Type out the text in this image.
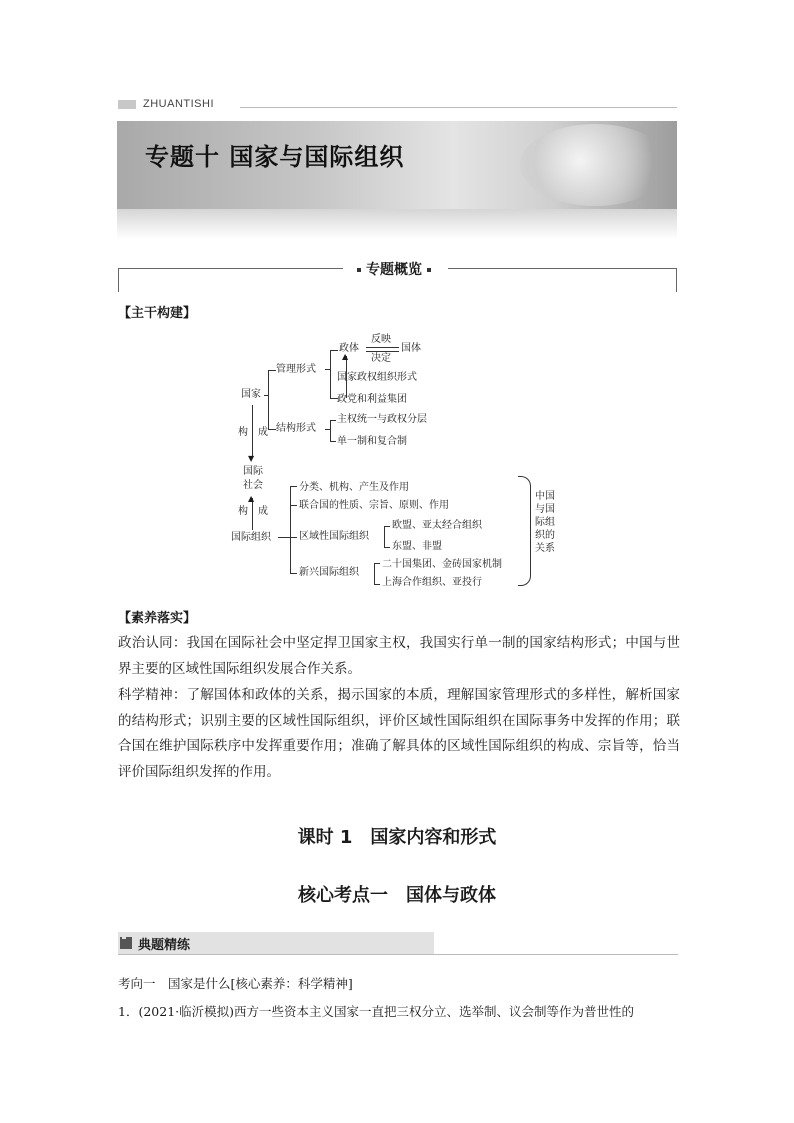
ZHUANTISHI
专题十 国家与国际组织
专题概览
【主干构建】
国家
管理形式
▲
政体
反映
决定
国体
国家政权组织形式
政党和利益集团
结构形式
主权统一与政权分层
单一制和复合制
▼
构 成
国际
社会
▲
构 成
国际组织
分类、机构、产生及作用
联合国的性质、宗旨、原则、作用
区域性国际组织
欧盟、亚太经合组织
东盟、非盟
新兴国际组织
二十国集团、金砖国家机制
上海合作组织、亚投行
中国
与国
际组
织的
关系
【素养落实】
政治认同：我国在国际社会中坚定捍卫国家主权，我国实行单一制的国家结构形式；中国与世界主要的区域性国际组织发展合作关系。
科学精神：了解国体和政体的关系，揭示国家的本质，理解国家管理形式的多样性，解析国家的结构形式；识别主要的区域性国际组织，评价区域性国际组织在国际事务中发挥的作用；联合国在维护国际秩序中发挥重要作用；准确了解具体的区域性国际组织的构成、宗旨等，恰当评价国际组织发挥的作用。
课时 1　国家内容和形式
核心考点一　国体与政体
典题精练
考向一　国家是什么[核心素养：科学精神]
1．(2021·临沂模拟)西方一些资本主义国家一直把三权分立、选举制、议会制等作为普世性的
